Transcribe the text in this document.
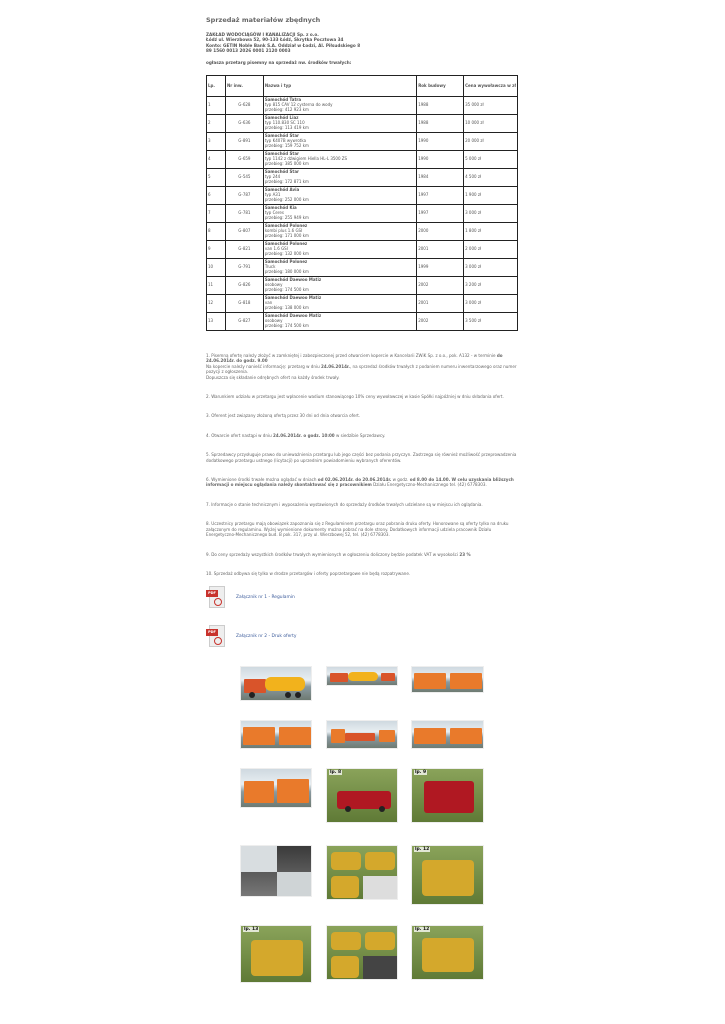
Sprzedaż materiałów zbędnych
ZAKŁAD WODOCIĄGÓW I KANALIZACJI Sp. z o.o.
Łódź ul. Wierzbowa 52, 90-133 Łódź, Skrytka Pocztowa 34
Konto: GETIN Noble Bank S.A. Oddział w Łodzi, Al. Piłsudskiego 8
89 1560 0013 2026 0001 2120 0003
ogłasza przetarg pisemny na sprzedaż nw. środków trwałych:
Lp.	Nr inw.	Nazwa i typ	Rok budowy	Cena wywoławcza w zł
1	G-628	Samochód Tatra
typ 815 CAV 12 cysterna do wody
przebieg: 412 923 km	1988	35 000 zł
2	G-636	Samochód Liaz
typ 110.830 SC 110
przebieg: 113 419 km	1988	10 000 zł
3	G-891	Samochód Star
typ K407B wywrotka
przebieg: 159 752 km	1990	20 000 zł
4	G-659	Samochód Star
typ 1142 z dźwigiem Hiella HL-L 3500 ZS
przebieg: 385 000 km	1990	5 000 zł
5	G-545	Samochód Star
typ 244
przebieg: 172 871 km	1984	4 500 zł
6	G-787	Samochód Avia
typ A31
przebieg: 252 000 km	1997	1 900 zł
7	G-781	Samochód Kia
typ Ceres
przebieg: 255 949 km	1997	3 000 zł
8	G-807	Samochód Polonez
kombi plus 1.6 GSI
przebieg: 171 000 km	2000	1 800 zł
9	G-821	Samochód Polonez
van 1.6 GSI
przebieg: 132 000 km	2001	2 000 zł
10	G-791	Samochód Polonez
Truck
przebieg: 180 000 km	1999	3 000 zł
11	G-826	Samochód Daewoo Matiz
osobowy
przebieg: 174 500 km	2002	3 200 zł
12	G-818	Samochód Daewoo Matiz
van
przebieg: 138 000 km	2001	3 000 zł
13	G-827	Samochód Daewoo Matiz
osobowy
przebieg: 174 500 km	2002	3 500 zł

1. Pisemną ofertę należy złożyć w zamkniętej i zabezpieczonej przed otwarciem kopercie w Kancelarii ZWiK Sp. z o.o., pok. A132 - w terminie do 24.06.2014r. do godz. 9.00
Na kopercie należy nanieść informację: przetarg w dniu 24.06.2014r., na sprzedaż środków trwałych z podaniem numeru inwentarzowego oraz numer pozycji z ogłoszenia.
Dopuszcza się składanie odrębnych ofert na każdy środek trwały.

2. Warunkiem udziału w przetargu jest wpłacenie wadium stanowiącego 10% ceny wywoławczej w kasie Spółki najpóźniej w dniu składania ofert.

3. Oferent jest związany złożoną ofertą przez 30 dni od dnia otwarcia ofert.

4. Otwarcie ofert nastąpi w dniu 24.06.2014r. o godz. 10:00 w siedzibie Sprzedawcy.

5. Sprzedawcy przysługuje prawo do unieważnienia przetargu lub jego części bez podania przyczyn. Zastrzega się również możliwość przeprowadzenia dodatkowego przetargu ustnego (licytacji) po uprzednim powiadomieniu wybranych oferentów.

6. Wymienione środki trwałe można oglądać w dniach od 02.06.2014r. do 20.06.2014r. w godz. od 8.00 do 14.00. W celu uzyskania bliższych informacji o miejscu oglądania należy skontaktować się z pracownikiem Działu Energetyczno-Mechanicznego tel. (42) 6778303.

7. Informacje o stanie technicznym i wyposażeniu wystawionych do sprzedaży środków trwałych udzielane są w miejscu ich oglądania.

8. Uczestnicy przetargu mają obowiązek zapoznania się z Regulaminem przetargu oraz pobrania druku oferty. Honorowane są oferty tylko na druku załączonym do regulaminu. Wyżej wymienione dokumenty można pobrać na dole strony. Dodatkowych informacji udziela pracownik Działu Energetyczno-Mechanicznego bud. B pok. 317, przy ul. Wierzbowej 52, tel. (42) 6778303.

9. Do ceny sprzedaży wszystkich środków trwałych wymienionych w ogłoszeniu doliczony będzie podatek VAT w wysokości 23 %

10. Sprzedaż odbywa się tylko w drodze przetargów i oferty poprzetargowe nie będą rozpatrywane.

PDF
Załącznik nr 1 - Regulamin
PDF
Załącznik nr 2 - Druk oferty
lp. 8	lp. 9
lp. 12
lp. 13	lp. 12
